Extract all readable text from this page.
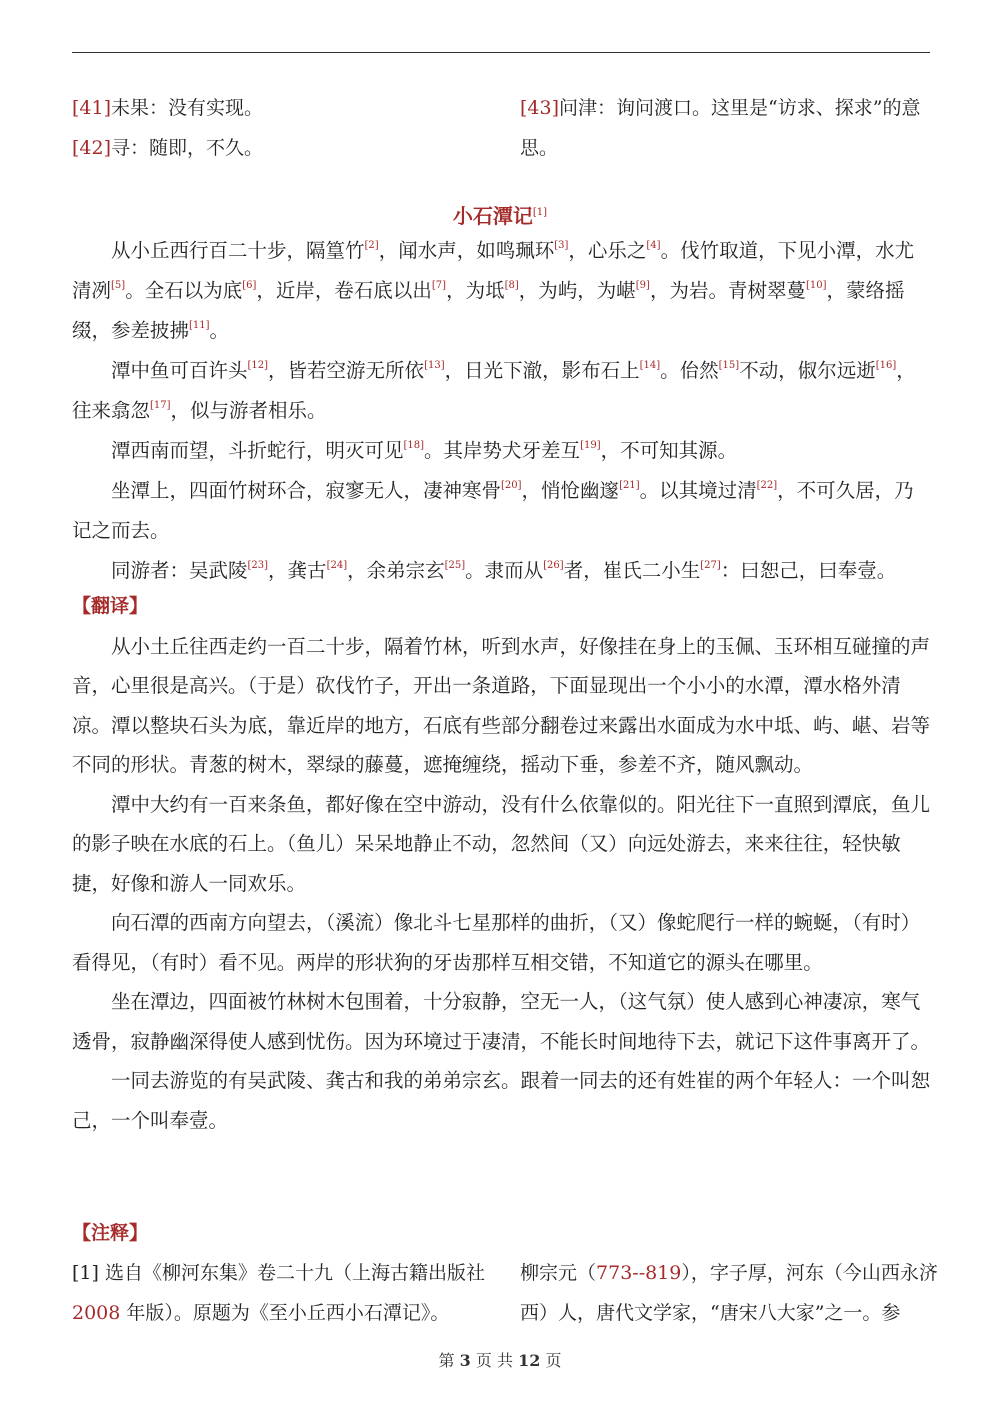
[41]未果：没有实现。
[42]寻：随即，不久。
[43]问津：询问渡口。这里是“访求、探求”的意思。
小石潭记[1]

从小丘西行百二十步，隔篁竹[2]，闻水声，如鸣珮环[3]，心乐之[4]。伐竹取道，下见小潭，水尤清冽[5]。全石以为底[6]，近岸，卷石底以出[7]，为坻[8]，为屿，为嵁[9]，为岩。青树翠蔓[10]，蒙络摇缀，参差披拂[11]。

潭中鱼可百许头[12]，皆若空游无所依[13]，日光下澈，影布石上[14]。佁然[15]不动，俶尔远逝[16]，往来翕忽[17]，似与游者相乐。

潭西南而望，斗折蛇行，明灭可见[18]。其岸势犬牙差互[19]，不可知其源。

坐潭上，四面竹树环合，寂寥无人，凄神寒骨[20]，悄怆幽邃[21]。以其境过清[22]，不可久居，乃记之而去。

同游者：吴武陵[23]，龚古[24]，余弟宗玄[25]。隶而从[26]者，崔氏二小生[27]：曰恕己，曰奉壹。

【翻译】

从小土丘往西走约一百二十步，隔着竹林，听到水声，好像挂在身上的玉佩、玉环相互碰撞的声音，心里很是高兴。（于是）砍伐竹子，开出一条道路，下面显现出一个小小的水潭，潭水格外清凉。潭以整块石头为底，靠近岸的地方，石底有些部分翻卷过来露出水面成为水中坻、屿、嵁、岩等不同的形状。青葱的树木，翠绿的藤蔓，遮掩缠绕，摇动下垂，参差不齐，随风飘动。

潭中大约有一百来条鱼，都好像在空中游动，没有什么依靠似的。阳光往下一直照到潭底，鱼儿的影子映在水底的石上。（鱼儿）呆呆地静止不动，忽然间（又）向远处游去，来来往往，轻快敏捷，好像和游人一同欢乐。

向石潭的西南方向望去，（溪流）像北斗七星那样的曲折，（又）像蛇爬行一样的蜿蜒，（有时）看得见，（有时）看不见。两岸的形状狗的牙齿那样互相交错，不知道它的源头在哪里。

坐在潭边，四面被竹林树木包围着，十分寂静，空无一人，（这气氛）使人感到心神凄凉，寒气透骨，寂静幽深得使人感到忧伤。因为环境过于凄清，不能长时间地待下去，就记下这件事离开了。

一同去游览的有吴武陵、龚古和我的弟弟宗玄。跟着一同去的还有姓崔的两个年轻人：一个叫恕己，一个叫奉壹。

【注释】
[1] 选自《柳河东集》卷二十九（上海古籍出版社 2008 年版）。原题为《至小丘西小石潭记》。
柳宗元（773--819），字子厚，河东（今山西永济西）人，唐代文学家，“唐宋八大家”之一。参
第 3 页 共 12 页
